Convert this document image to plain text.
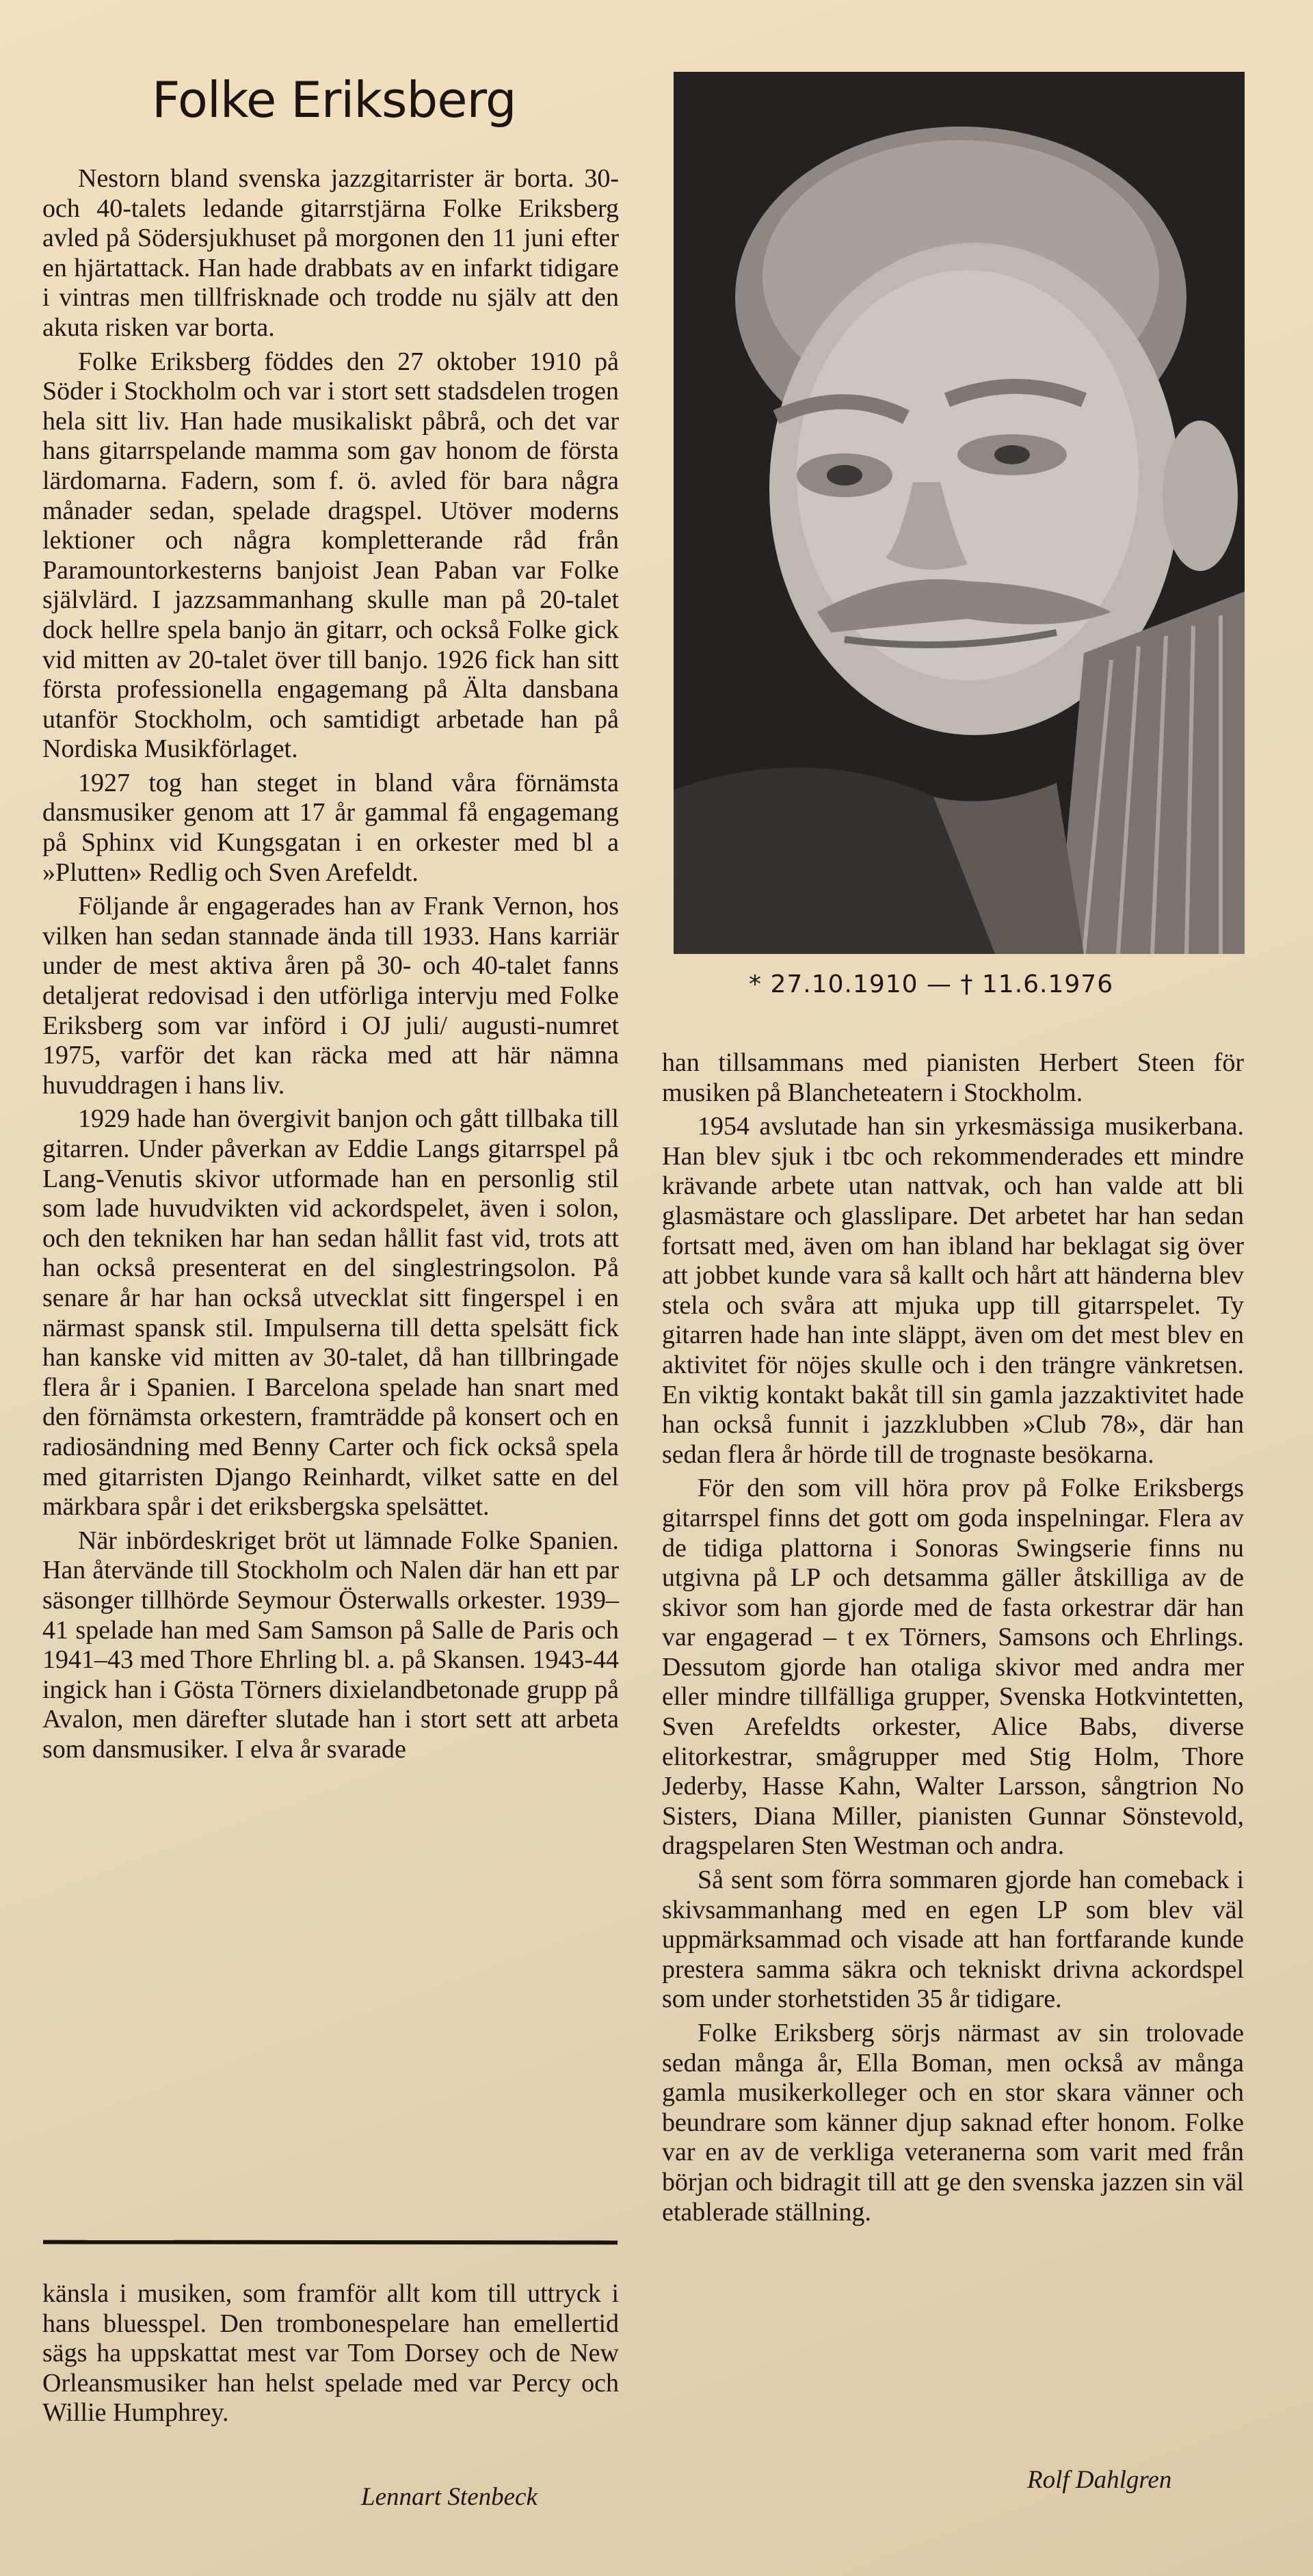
Folke Eriksberg

Nestorn bland svenska jazzgitarrister är borta. 30- och 40-talets ledande gitarrstjärna Folke Eriksberg avled på Södersjukhuset på morgonen den 11 juni efter en hjärtattack. Han hade drabbats av en infarkt tidigare i vintras men tillfrisknade och trodde nu själv att den akuta risken var borta.

Folke Eriksberg föddes den 27 oktober 1910 på Söder i Stockholm och var i stort sett stadsdelen trogen hela sitt liv. Han hade musikaliskt påbrå, och det var hans gitarrspelande mamma som gav honom de första lärdomarna. Fadern, som f. ö. avled för bara några månader sedan, spelade dragspel. Utöver moderns lektioner och några kompletterande råd från Paramountorkesterns banjoist Jean Paban var Folke självlärd. I jazzsammanhang skulle man på 20-talet dock hellre spela banjo än gitarr, och också Folke gick vid mitten av 20-talet över till banjo. 1926 fick han sitt första professionella engagemang på Älta dansbana utanför Stockholm, och samtidigt arbetade han på Nordiska Musikförlaget.

1927 tog han steget in bland våra förnämsta dansmusiker genom att 17 år gammal få engagemang på Sphinx vid Kungsgatan i en orkester med bl a »Plutten» Redlig och Sven Arefeldt.

Följande år engagerades han av Frank Vernon, hos vilken han sedan stannade ända till 1933. Hans karriär under de mest aktiva åren på 30- och 40-talet fanns detaljerat redovisad i den utförliga intervju med Folke Eriksberg som var införd i OJ juli/ augusti-numret 1975, varför det kan räcka med att här nämna huvuddragen i hans liv.

1929 hade han övergivit banjon och gått tillbaka till gitarren. Under påverkan av Eddie Langs gitarrspel på Lang-Venutis skivor utformade han en personlig stil som lade huvudvikten vid ackordspelet, även i solon, och den tekniken har han sedan hållit fast vid, trots att han också presenterat en del singlestringsolon. På senare år har han också utvecklat sitt fingerspel i en närmast spansk stil. Impulserna till detta spelsätt fick han kanske vid mitten av 30-talet, då han tillbringade flera år i Spanien. I Barcelona spelade han snart med den förnämsta orkestern, framträdde på konsert och en radiosändning med Benny Carter och fick också spela med gitarristen Django Reinhardt, vilket satte en del märkbara spår i det eriksbergska spelsättet.

När inbördeskriget bröt ut lämnade Folke Spanien. Han återvände till Stockholm och Nalen där han ett par säsonger tillhörde Seymour Österwalls orkester. 1939–41 spelade han med Sam Samson på Salle de Paris och 1941–43 med Thore Ehrling bl. a. på Skansen. 1943-44 ingick han i Gösta Törners dixielandbetonade grupp på Avalon, men därefter slutade han i stort sett att arbeta som dansmusiker. I elva år svarade

känsla i musiken, som framför allt kom till uttryck i hans bluesspel. Den trombonespelare han emellertid sägs ha uppskattat mest var Tom Dorsey och de New Orleansmusiker han helst spelade med var Percy och Willie Humphrey.

Lennart Stenbeck
* 27.10.1910 — † 11.6.1976

han tillsammans med pianisten Herbert Steen för musiken på Blancheteatern i Stockholm.

1954 avslutade han sin yrkesmässiga musikerbana. Han blev sjuk i tbc och rekommenderades ett mindre krävande arbete utan nattvak, och han valde att bli glasmästare och glasslipare. Det arbetet har han sedan fortsatt med, även om han ibland har beklagat sig över att jobbet kunde vara så kallt och hårt att händerna blev stela och svåra att mjuka upp till gitarrspelet. Ty gitarren hade han inte släppt, även om det mest blev en aktivitet för nöjes skulle och i den trängre vänkretsen. En viktig kontakt bakåt till sin gamla jazzaktivitet hade han också funnit i jazzklubben »Club 78», där han sedan flera år hörde till de trognaste besökarna.

För den som vill höra prov på Folke Eriksbergs gitarrspel finns det gott om goda inspelningar. Flera av de tidiga plattorna i Sonoras Swingserie finns nu utgivna på LP och detsamma gäller åtskilliga av de skivor som han gjorde med de fasta orkestrar där han var engagerad – t ex Törners, Samsons och Ehrlings. Dessutom gjorde han otaliga skivor med andra mer eller mindre tillfälliga grupper, Svenska Hotkvintetten, Sven Arefeldts orkester, Alice Babs, diverse elitorkestrar, smågrupper med Stig Holm, Thore Jederby, Hasse Kahn, Walter Larsson, sångtrion No Sisters, Diana Miller, pianisten Gunnar Sönstevold, dragspelaren Sten Westman och andra.

Så sent som förra sommaren gjorde han comeback i skivsammanhang med en egen LP som blev väl uppmärksammad och visade att han fortfarande kunde prestera samma säkra och tekniskt drivna ackordspel som under storhetstiden 35 år tidigare.

Folke Eriksberg sörjs närmast av sin trolovade sedan många år, Ella Boman, men också av många gamla musikerkolleger och en stor skara vänner och beundrare som känner djup saknad efter honom. Folke var en av de verkliga veteranerna som varit med från början och bidragit till att ge den svenska jazzen sin väl etablerade ställning.

Rolf Dahlgren
